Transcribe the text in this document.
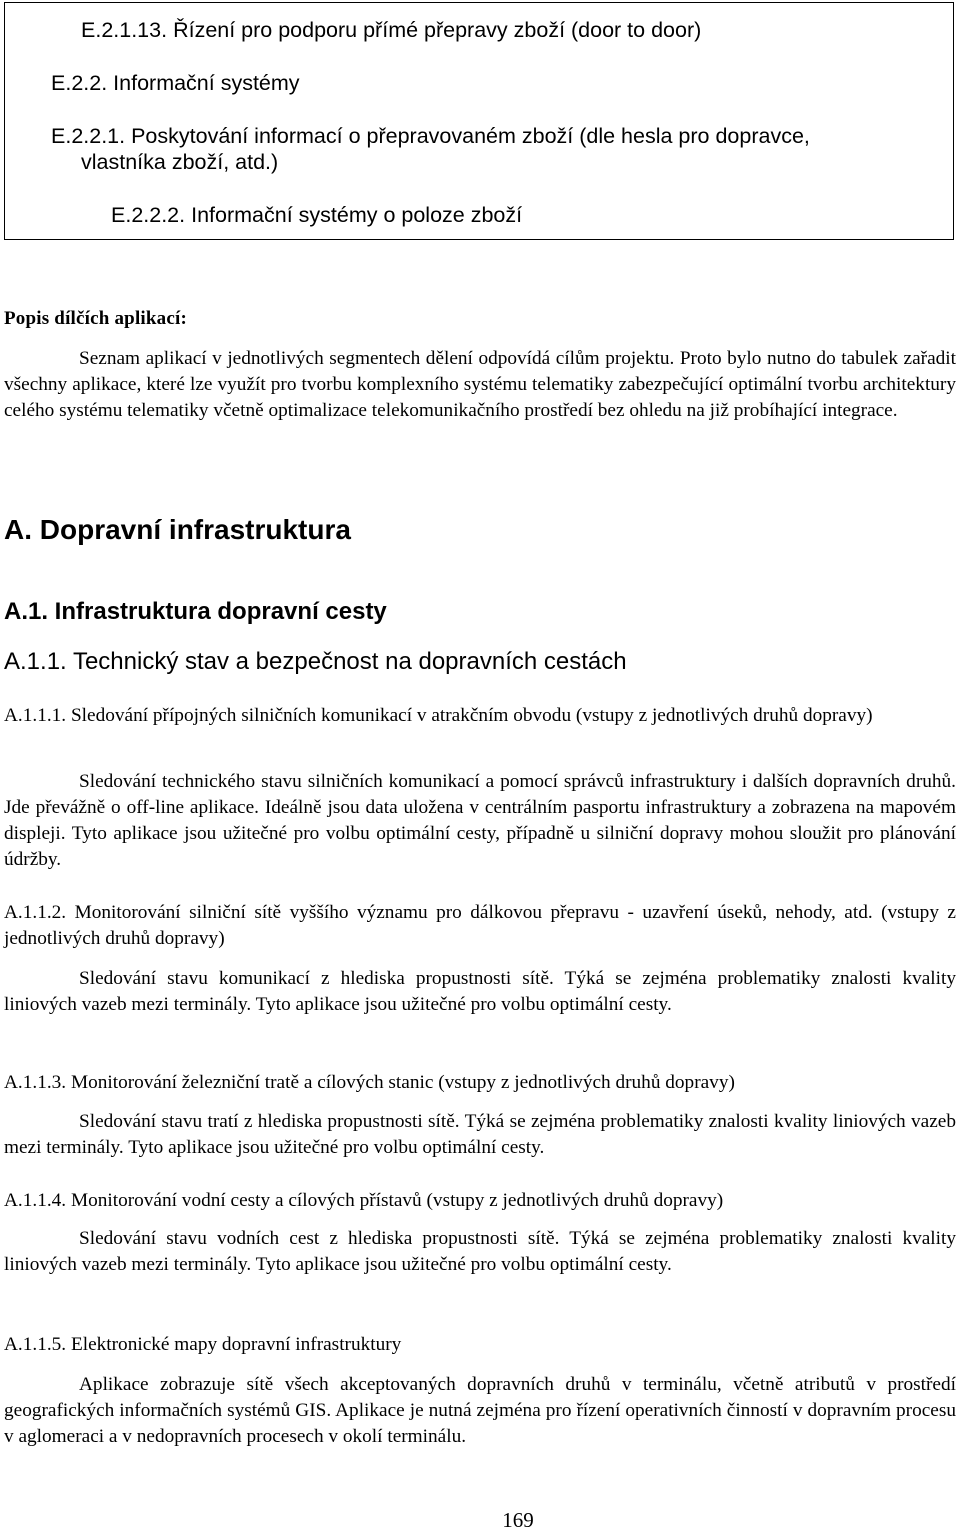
E.2.1.13. Řízení pro podporu přímé přepravy zboží (door to door)
E.2.2. Informační systémy
E.2.2.1. Poskytování informací o přepravovaném zboží (dle hesla pro dopravce,
vlastníka zboží, atd.)
E.2.2.2. Informační systémy o poloze zboží
Popis dílčích aplikací:
Seznam aplikací v jednotlivých segmentech dělení odpovídá cílům projektu. Proto bylo nutno do tabulek zařadit všechny aplikace, které lze využít pro tvorbu komplexního systému telematiky zabezpečující optimální tvorbu architektury celého systému telematiky včetně optimalizace telekomunikačního prostředí bez ohledu na již probíhající integrace.
A. Dopravní infrastruktura
A.1. Infrastruktura dopravní cesty
A.1.1. Technický stav a bezpečnost na dopravních cestách
A.1.1.1. Sledování přípojných silničních komunikací v atrakčním obvodu (vstupy z jednotlivých druhů dopravy)
Sledování technického stavu silničních komunikací a pomocí správců infrastruktury i dalších dopravních druhů. Jde převážně o off-line aplikace. Ideálně jsou data uložena v centrálním pasportu infrastruktury a zobrazena na mapovém displeji. Tyto aplikace jsou užitečné pro volbu optimální cesty, případně u silniční dopravy mohou sloužit pro plánování údržby.
A.1.1.2. Monitorování silniční sítě vyššího významu pro dálkovou přepravu - uzavření úseků, nehody, atd. (vstupy z jednotlivých druhů dopravy)
Sledování stavu komunikací z hlediska propustnosti sítě. Týká se zejména problematiky znalosti kvality liniových vazeb mezi terminály. Tyto aplikace jsou užitečné pro volbu optimální cesty.
A.1.1.3. Monitorování železniční tratě a cílových stanic (vstupy z jednotlivých druhů dopravy)
Sledování stavu tratí z hlediska propustnosti sítě. Týká se zejména problematiky znalosti kvality liniových vazeb mezi terminály. Tyto aplikace jsou užitečné pro volbu optimální cesty.
A.1.1.4. Monitorování vodní cesty a cílových přístavů (vstupy z jednotlivých druhů dopravy)
Sledování stavu vodních cest z hlediska propustnosti sítě. Týká se zejména problematiky znalosti kvality liniových vazeb mezi terminály. Tyto aplikace jsou užitečné pro volbu optimální cesty.
A.1.1.5. Elektronické mapy dopravní infrastruktury
Aplikace zobrazuje sítě všech akceptovaných dopravních druhů v terminálu, včetně atributů v prostředí geografických informačních systémů GIS. Aplikace je nutná zejména pro řízení operativních činností v dopravním procesu v aglomeraci a v nedopravních procesech v okolí terminálu.
169
